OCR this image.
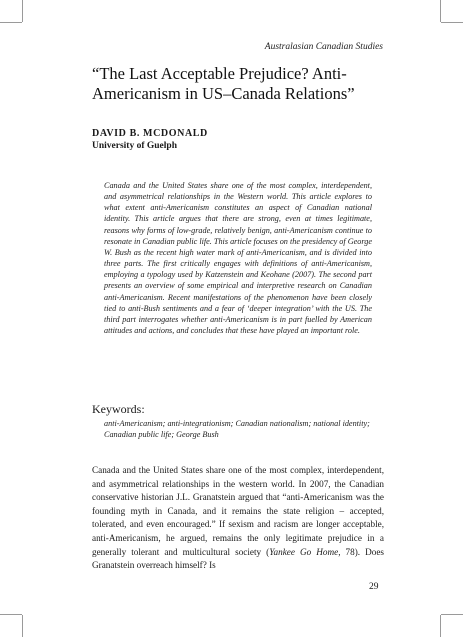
Australasian Canadian Studies
“The Last Acceptable Prejudice? Anti-Americanism in US–Canada Relations”
DAVID B. MCDONALD
University of Guelph

Canada and the United States share one of the most complex, interdependent, and asymmetrical relationships in the Western world. This article explores to what extent anti-Americanism constitutes an aspect of Canadian national identity. This article argues that there are strong, even at times legitimate, reasons why forms of low-grade, relatively benign, anti-Americanism continue to resonate in Canadian public life. This article focuses on the presidency of George W. Bush as the recent high water mark of anti-Americanism, and is divided into three parts. The first critically engages with definitions of anti-Americanism, employing a typology used by Katzenstein and Keohane (2007). The second part presents an overview of some empirical and interpretive research on Canadian anti-Americanism. Recent manifestations of the phenomenon have been closely tied to anti-Bush sentiments and a fear of ‘deeper integration’ with the US. The third part interrogates whether anti-Americanism is in part fuelled by American attitudes and actions, and concludes that these have played an important role.

Keywords:

anti-Americanism; anti-integrationism; Canadian nationalism; national identity; Canadian public life; George Bush

Canada and the United States share one of the most complex, interdependent, and asymmetrical relationships in the western world. In 2007, the Canadian conservative historian J.L. Granatstein argued that “anti-Americanism was the founding myth in Canada, and it remains the state religion – accepted, tolerated, and even encouraged.” If sexism and racism are longer acceptable, anti-Americanism, he argued, remains the only legitimate prejudice in a generally tolerant and multicultural society (Yankee Go Home, 78). Does Granatstein overreach himself? Is

29
